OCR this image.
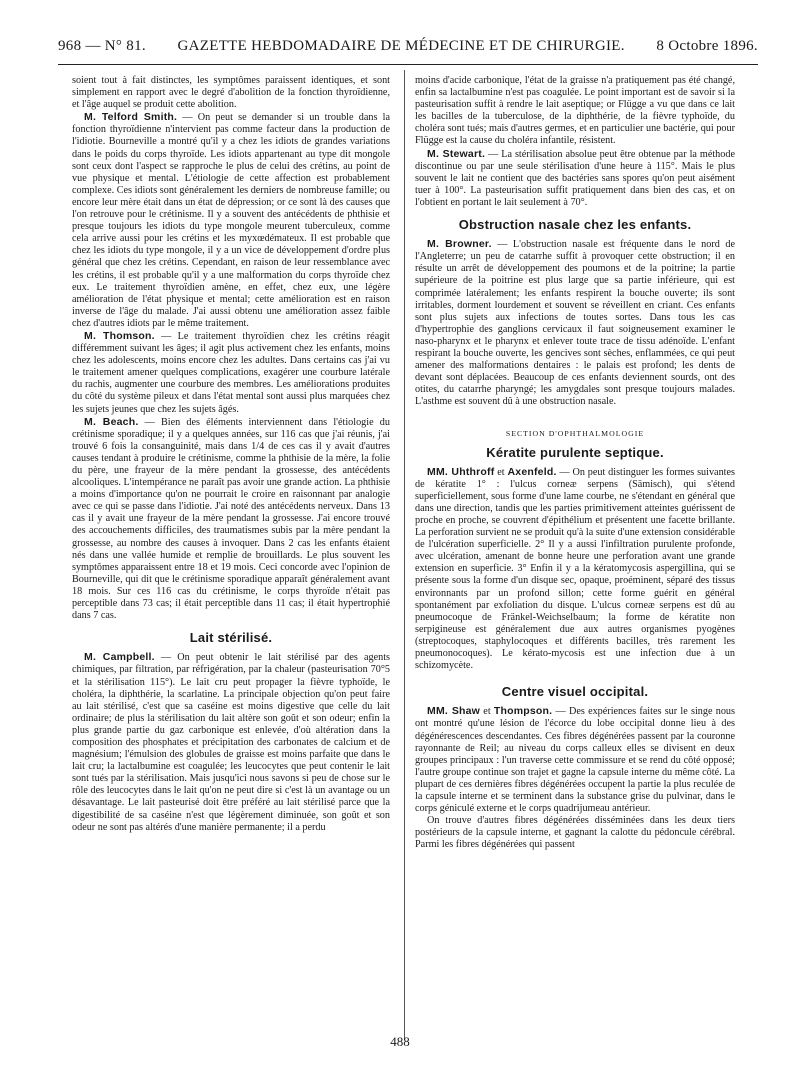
968 — N° 81. GAZETTE HEBDOMADAIRE DE MÉDECINE ET DE CHIRURGIE. 8 Octobre 1896.

soient tout à fait distinctes, les symptômes paraissent identiques, et sont simplement en rapport avec le degré d'abolition de la fonction thyroïdienne, et l'âge auquel se produit cette abolition.

M. Telford Smith. — On peut se demander si un trouble dans la fonction thyroïdienne n'intervient pas comme facteur dans la production de l'idiotie. Bourneville a montré qu'il y a chez les idiots de grandes variations dans le poids du corps thyroïde. Les idiots appartenant au type dit mongole sont ceux dont l'aspect se rapproche le plus de celui des crétins, au point de vue physique et mental. L'étiologie de cette affection est probablement complexe. Ces idiots sont généralement les derniers de nombreuse famille; ou encore leur mère était dans un état de dépression; or ce sont là des causes que l'on retrouve pour le crétinisme. Il y a souvent des antécédents de phthisie et presque toujours les idiots du type mongole meurent tuberculeux, comme cela arrive aussi pour les crétins et les myxœdémateux. Il est probable que chez les idiots du type mongole, il y a un vice de développement d'ordre plus général que chez les crétins. Cependant, en raison de leur ressemblance avec les crétins, il est probable qu'il y a une malformation du corps thyroïde chez eux. Le traitement thyroïdien amène, en effet, chez eux, une légère amélioration de l'état physique et mental; cette amélioration est en raison inverse de l'âge du malade. J'ai aussi obtenu une amélioration assez faible chez d'autres idiots par le même traitement.

M. Thomson. — Le traitement thyroïdien chez les crétins réagit différemment suivant les âges; il agit plus activement chez les enfants, moins chez les adolescents, moins encore chez les adultes. Dans certains cas j'ai vu le traitement amener quelques complications, exagérer une courbure latérale du rachis, augmenter une courbure des membres. Les améliorations produites du côté du système pileux et dans l'état mental sont aussi plus marquées chez les sujets jeunes que chez les sujets âgés.

M. Beach. — Bien des éléments interviennent dans l'étiologie du crétinisme sporadique; il y a quelques années, sur 116 cas que j'ai réunis, j'ai trouvé 6 fois la consanguinité, mais dans 1/4 de ces cas il y avait d'autres causes tendant à produire le crétinisme, comme la phthisie de la mère, la folie du père, une frayeur de la mère pendant la grossesse, des antécédents alcooliques. L'intempérance ne paraît pas avoir une grande action. La phthisie a moins d'importance qu'on ne pourrait le croire en raisonnant par analogie avec ce qui se passe dans l'idiotie. J'ai noté des antécédents nerveux. Dans 13 cas il y avait une frayeur de la mère pendant la grossesse. J'ai encore trouvé des accouchements difficiles, des traumatismes subis par la mère pendant la grossesse, au nombre des causes à invoquer. Dans 2 cas les enfants étaient nés dans une vallée humide et remplie de brouillards. Le plus souvent les symptômes apparaissent entre 18 et 19 mois. Ceci concorde avec l'opinion de Bourneville, qui dit que le crétinisme sporadique apparaît généralement avant 18 mois. Sur ces 116 cas du crétinisme, le corps thyroïde n'était pas perceptible dans 73 cas; il était perceptible dans 11 cas; il était hypertrophié dans 7 cas.

Lait stérilisé.

M. Campbell. — On peut obtenir le lait stérilisé par des agents chimiques, par filtration, par réfrigération, par la chaleur (pasteurisation 70°5 et la stérilisation 115°). Le lait cru peut propager la fièvre typhoïde, le choléra, la diphthérie, la scarlatine. La principale objection qu'on peut faire au lait stérilisé, c'est que sa caséine est moins digestive que celle du lait ordinaire; de plus la stérilisation du lait altère son goût et son odeur; enfin la plus grande partie du gaz carbonique est enlevée, d'où altération dans la composition des phosphates et précipitation des carbonates de calcium et de magnésium; l'émulsion des globules de graisse est moins parfaite que dans le lait cru; la lactalbumine est coagulée; les leucocytes que peut contenir le lait sont tués par la stérilisation. Mais jusqu'ici nous savons si peu de chose sur le rôle des leucocytes dans le lait qu'on ne peut dire si c'est là un avantage ou un désavantage. Le lait pasteurisé doit être préféré au lait stérilisé parce que la digestibilité de sa caséine n'est que légèrement diminuée, son goût et son odeur ne sont pas altérés d'une manière permanente; il a perdu

moins d'acide carbonique, l'état de la graisse n'a pratiquement pas été changé, enfin sa lactalbumine n'est pas coagulée. Le point important est de savoir si la pasteurisation suffit à rendre le lait aseptique; or Flügge a vu que dans ce lait les bacilles de la tuberculose, de la diphthérie, de la fièvre typhoïde, du choléra sont tués; mais d'autres germes, et en particulier une bactérie, qui pour Flügge est la cause du choléra infantile, résistent.

M. Stewart. — La stérilisation absolue peut être obtenue par la méthode discontinue ou par une seule stérilisation d'une heure à 115°. Mais le plus souvent le lait ne contient que des bactéries sans spores qu'on peut aisément tuer à 100°. La pasteurisation suffit pratiquement dans bien des cas, et on l'obtient en portant le lait seulement à 70°.

Obstruction nasale chez les enfants.

M. Browner. — L'obstruction nasale est fréquente dans le nord de l'Angleterre; un peu de catarrhe suffit à provoquer cette obstruction; il en résulte un arrêt de développement des poumons et de la poitrine; la partie supérieure de la poitrine est plus large que sa partie inférieure, qui est comprimée latéralement; les enfants respirent la bouche ouverte; ils sont irritables, dorment lourdement et souvent se réveillent en criant. Ces enfants sont plus sujets aux infections de toutes sortes. Dans tous les cas d'hypertrophie des ganglions cervicaux il faut soigneusement examiner le naso-pharynx et le pharynx et enlever toute trace de tissu adénoïde. L'enfant respirant la bouche ouverte, les gencives sont sèches, enflammées, ce qui peut amener des malformations dentaires : le palais est profond; les dents de devant sont déplacées. Beaucoup de ces enfants deviennent sourds, ont des otites, du catarrhe pharyngé; les amygdales sont presque toujours malades. L'asthme est souvent dû à une obstruction nasale.

SECTION D'OPHTHALMOLOGIE
Kératite purulente septique.

MM. Uhthroff et Axenfeld. — On peut distinguer les formes suivantes de kératite 1° : l'ulcus corneæ serpens (Sämisch), qui s'étend superficiellement, sous forme d'une lame courbe, ne s'étendant en général que dans une direction, tandis que les parties primitivement atteintes guérissent de proche en proche, se couvrent d'épithélium et présentent une facette brillante. La perforation survient ne se produit qu'à la suite d'une extension considérable de l'ulcération superficielle. 2° Il y a aussi l'infiltration purulente profonde, avec ulcération, amenant de bonne heure une perforation avant une grande extension en superficie. 3° Enfin il y a la kératomycosis aspergillina, qui se présente sous la forme d'un disque sec, opaque, proéminent, séparé des tissus environnants par un profond sillon; cette forme guérit en général spontanément par exfoliation du disque. L'ulcus corneæ serpens est dû au pneumocoque de Fränkel-Weichselbaum; la forme de kératite non serpigineuse est généralement due aux autres organismes pyogènes (streptocoques, staphylocoques et différents bacilles, très rarement les pneumonocoques). Le kérato-mycosis est une infection due à un schizomycète.

Centre visuel occipital.

MM. Shaw et Thompson. — Des expériences faites sur le singe nous ont montré qu'une lésion de l'écorce du lobe occipital donne lieu à des dégénérescences descendantes. Ces fibres dégénérées passent par la couronne rayonnante de Reil; au niveau du corps calleux elles se divisent en deux groupes principaux : l'un traverse cette commissure et se rend du côté opposé; l'autre groupe continue son trajet et gagne la capsule interne du même côté. La plupart de ces dernières fibres dégénérées occupent la partie la plus reculée de la capsule interne et se terminent dans la substance grise du pulvinar, dans le corps géniculé externe et le corps quadrijumeau antérieur.

On trouve d'autres fibres dégénérées disséminées dans les deux tiers postérieurs de la capsule interne, et gagnant la calotte du pédoncule cérébral. Parmi les fibres dégénérées qui passent

488
